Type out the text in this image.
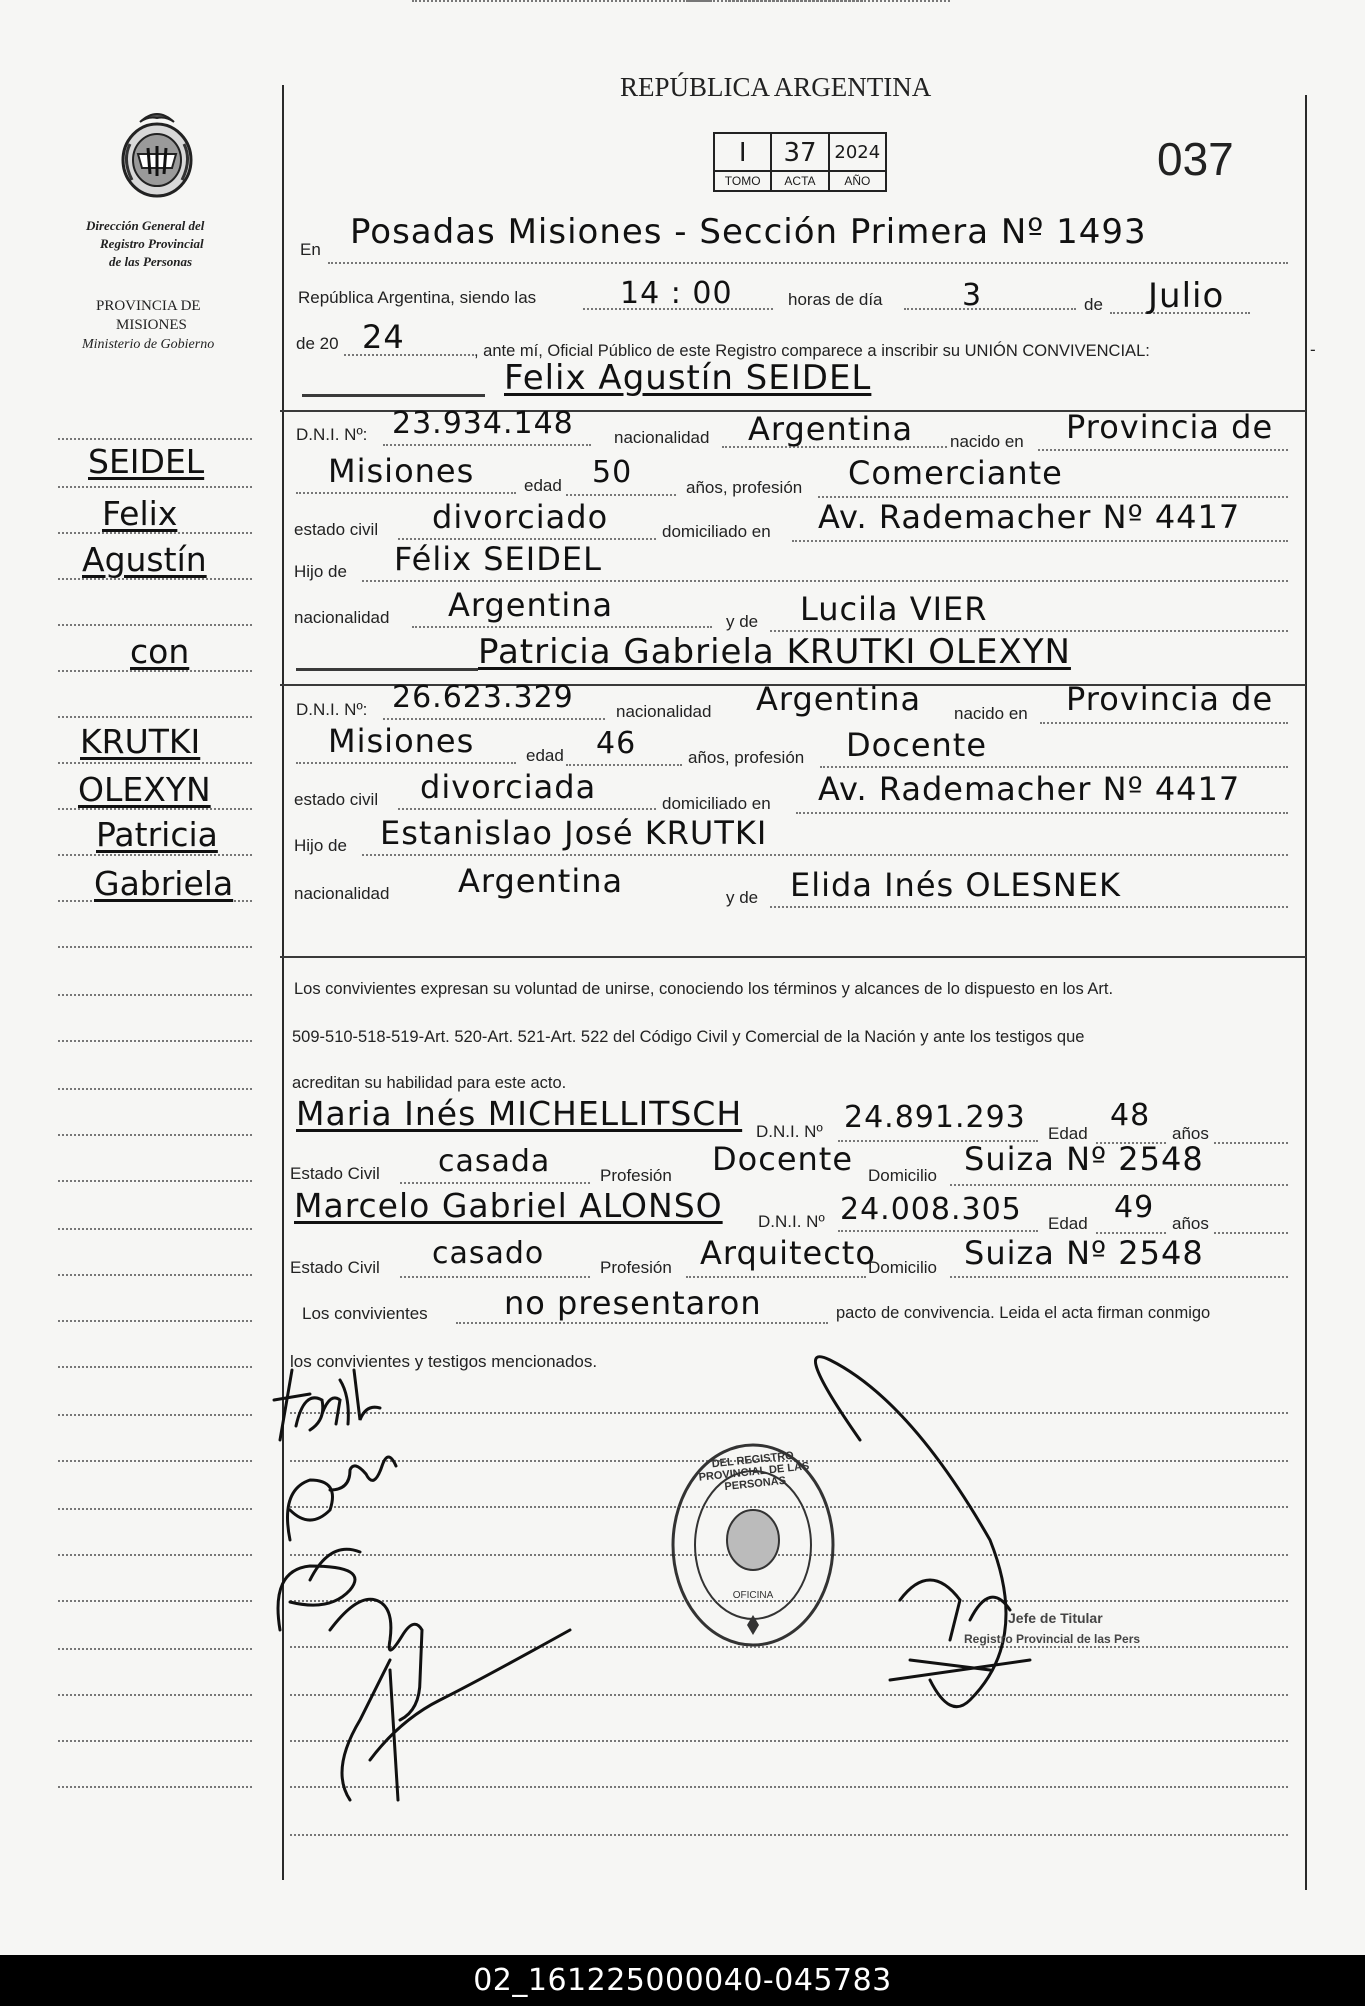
REPÚBLICA ARGENTINA
037
I
TOMO
37
ACTA
2024
AÑO
Dirección General del
Registro Provincial
de las Personas
PROVINCIA DE
MISIONES
Ministerio de Gobierno
SEIDEL
Felix
Agustín
con
KRUTKI
OLEXYN
Patricia
Gabriela
En Posadas Misiones - Sección Primera Nº 1493
República Argentina, siendo las	14 : 00	horas de día	3	de Julio
de 20 24	, ante mí, Oficial Público de este Registro comparece a inscribir su UNIÓN CONVIVENCIAL:	-
Felix Agustín SEIDEL
D.N.I. Nº: 23.934.148 nacionalidad Argentina nacido en Provincia de
Misiones	edad 50	años, profesión Comerciante
estado civil divorciado	domiciliado en Av. Rademacher Nº 4417
Hijo de Félix SEIDEL
nacionalidad Argentina	y de Lucila VIER
Patricia Gabriela KRUTKI OLEXYN
D.N.I. Nº: 26.623.329 nacionalidad Argentina nacido en Provincia de
Misiones	edad 46	años, profesión Docente
estado civil divorciada	domiciliado en Av. Rademacher Nº 4417
Hijo de Estanislao José KRUTKI
nacionalidad Argentina	y de Elida Inés OLESNEK
Los convivientes expresan su voluntad de unirse, conociendo los términos y alcances de lo dispuesto en los Art.
509-510-518-519-Art. 520-Art. 521-Art. 522 del Código Civil y Comercial de la Nación y ante los testigos que
acreditan su habilidad para este acto.
Maria Inés MICHELLITSCH D.N.I. Nº 24.891.293 Edad
48
años
Estado Civil casada	Profesión Docente Domicilio Suiza Nº 2548
Marcelo Gabriel ALONSO D.N.I. Nº 24.008.305 Edad 49 años
Estado Civil casado	Profesión Arquitecto
Domicilio Suiza Nº 2548
Los convivientes no presentaron	pacto de convivencia. Leida el acta firman conmigo
los convivientes y testigos mencionados.
DEL REGISTRO PROVINCIAL DE LAS PERSONAS
OFICINA
Jefe de Titular
Registro Provincial de las Pers
02_161225000040-045783
